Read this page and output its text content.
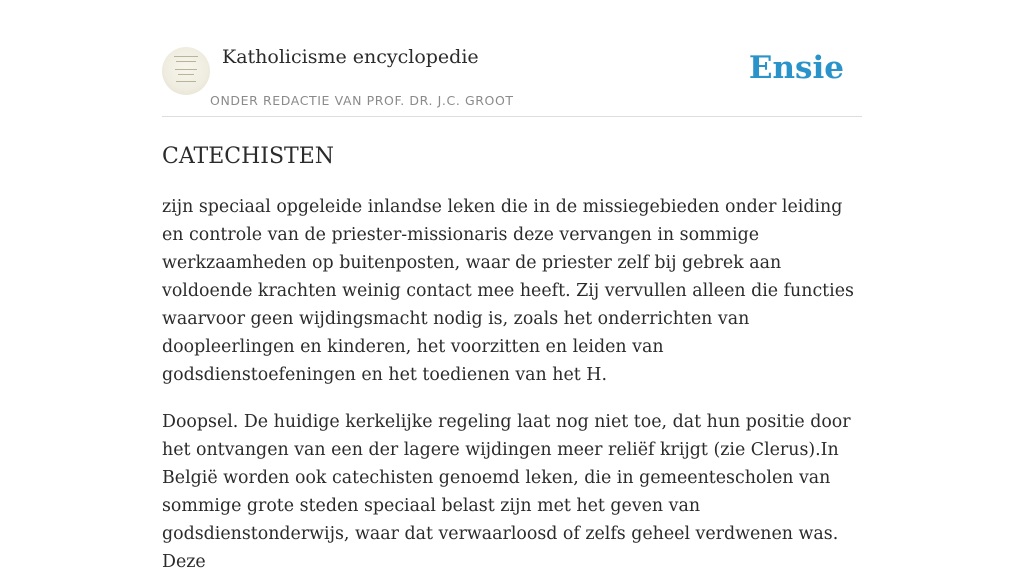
Katholicisme encyclopedie
ONDER REDACTIE VAN PROF. DR. J.C. GROOT
Ensie
CATECHISTEN

zijn speciaal opgeleide inlandse leken die in de missiegebieden onder leiding en controle van de priester-missionaris deze vervangen in sommige werkzaamheden op buitenposten, waar de priester zelf bij gebrek aan voldoende krachten weinig contact mee heeft. Zij vervullen alleen die functies waarvoor geen wijdingsmacht nodig is, zoals het onderrichten van doopleerlingen en kinderen, het voorzitten en leiden van godsdienstoefeningen en het toedienen van het H.

Doopsel. De huidige kerkelijke regeling laat nog niet toe, dat hun positie door het ontvangen van een der lagere wijdingen meer reliëf krijgt (zie Clerus).In België worden ook catechisten genoemd leken, die in gemeentescholen van sommige grote steden speciaal belast zijn met het geven van godsdienstonderwijs, waar dat verwaarloosd of zelfs geheel verdwenen was. Deze
